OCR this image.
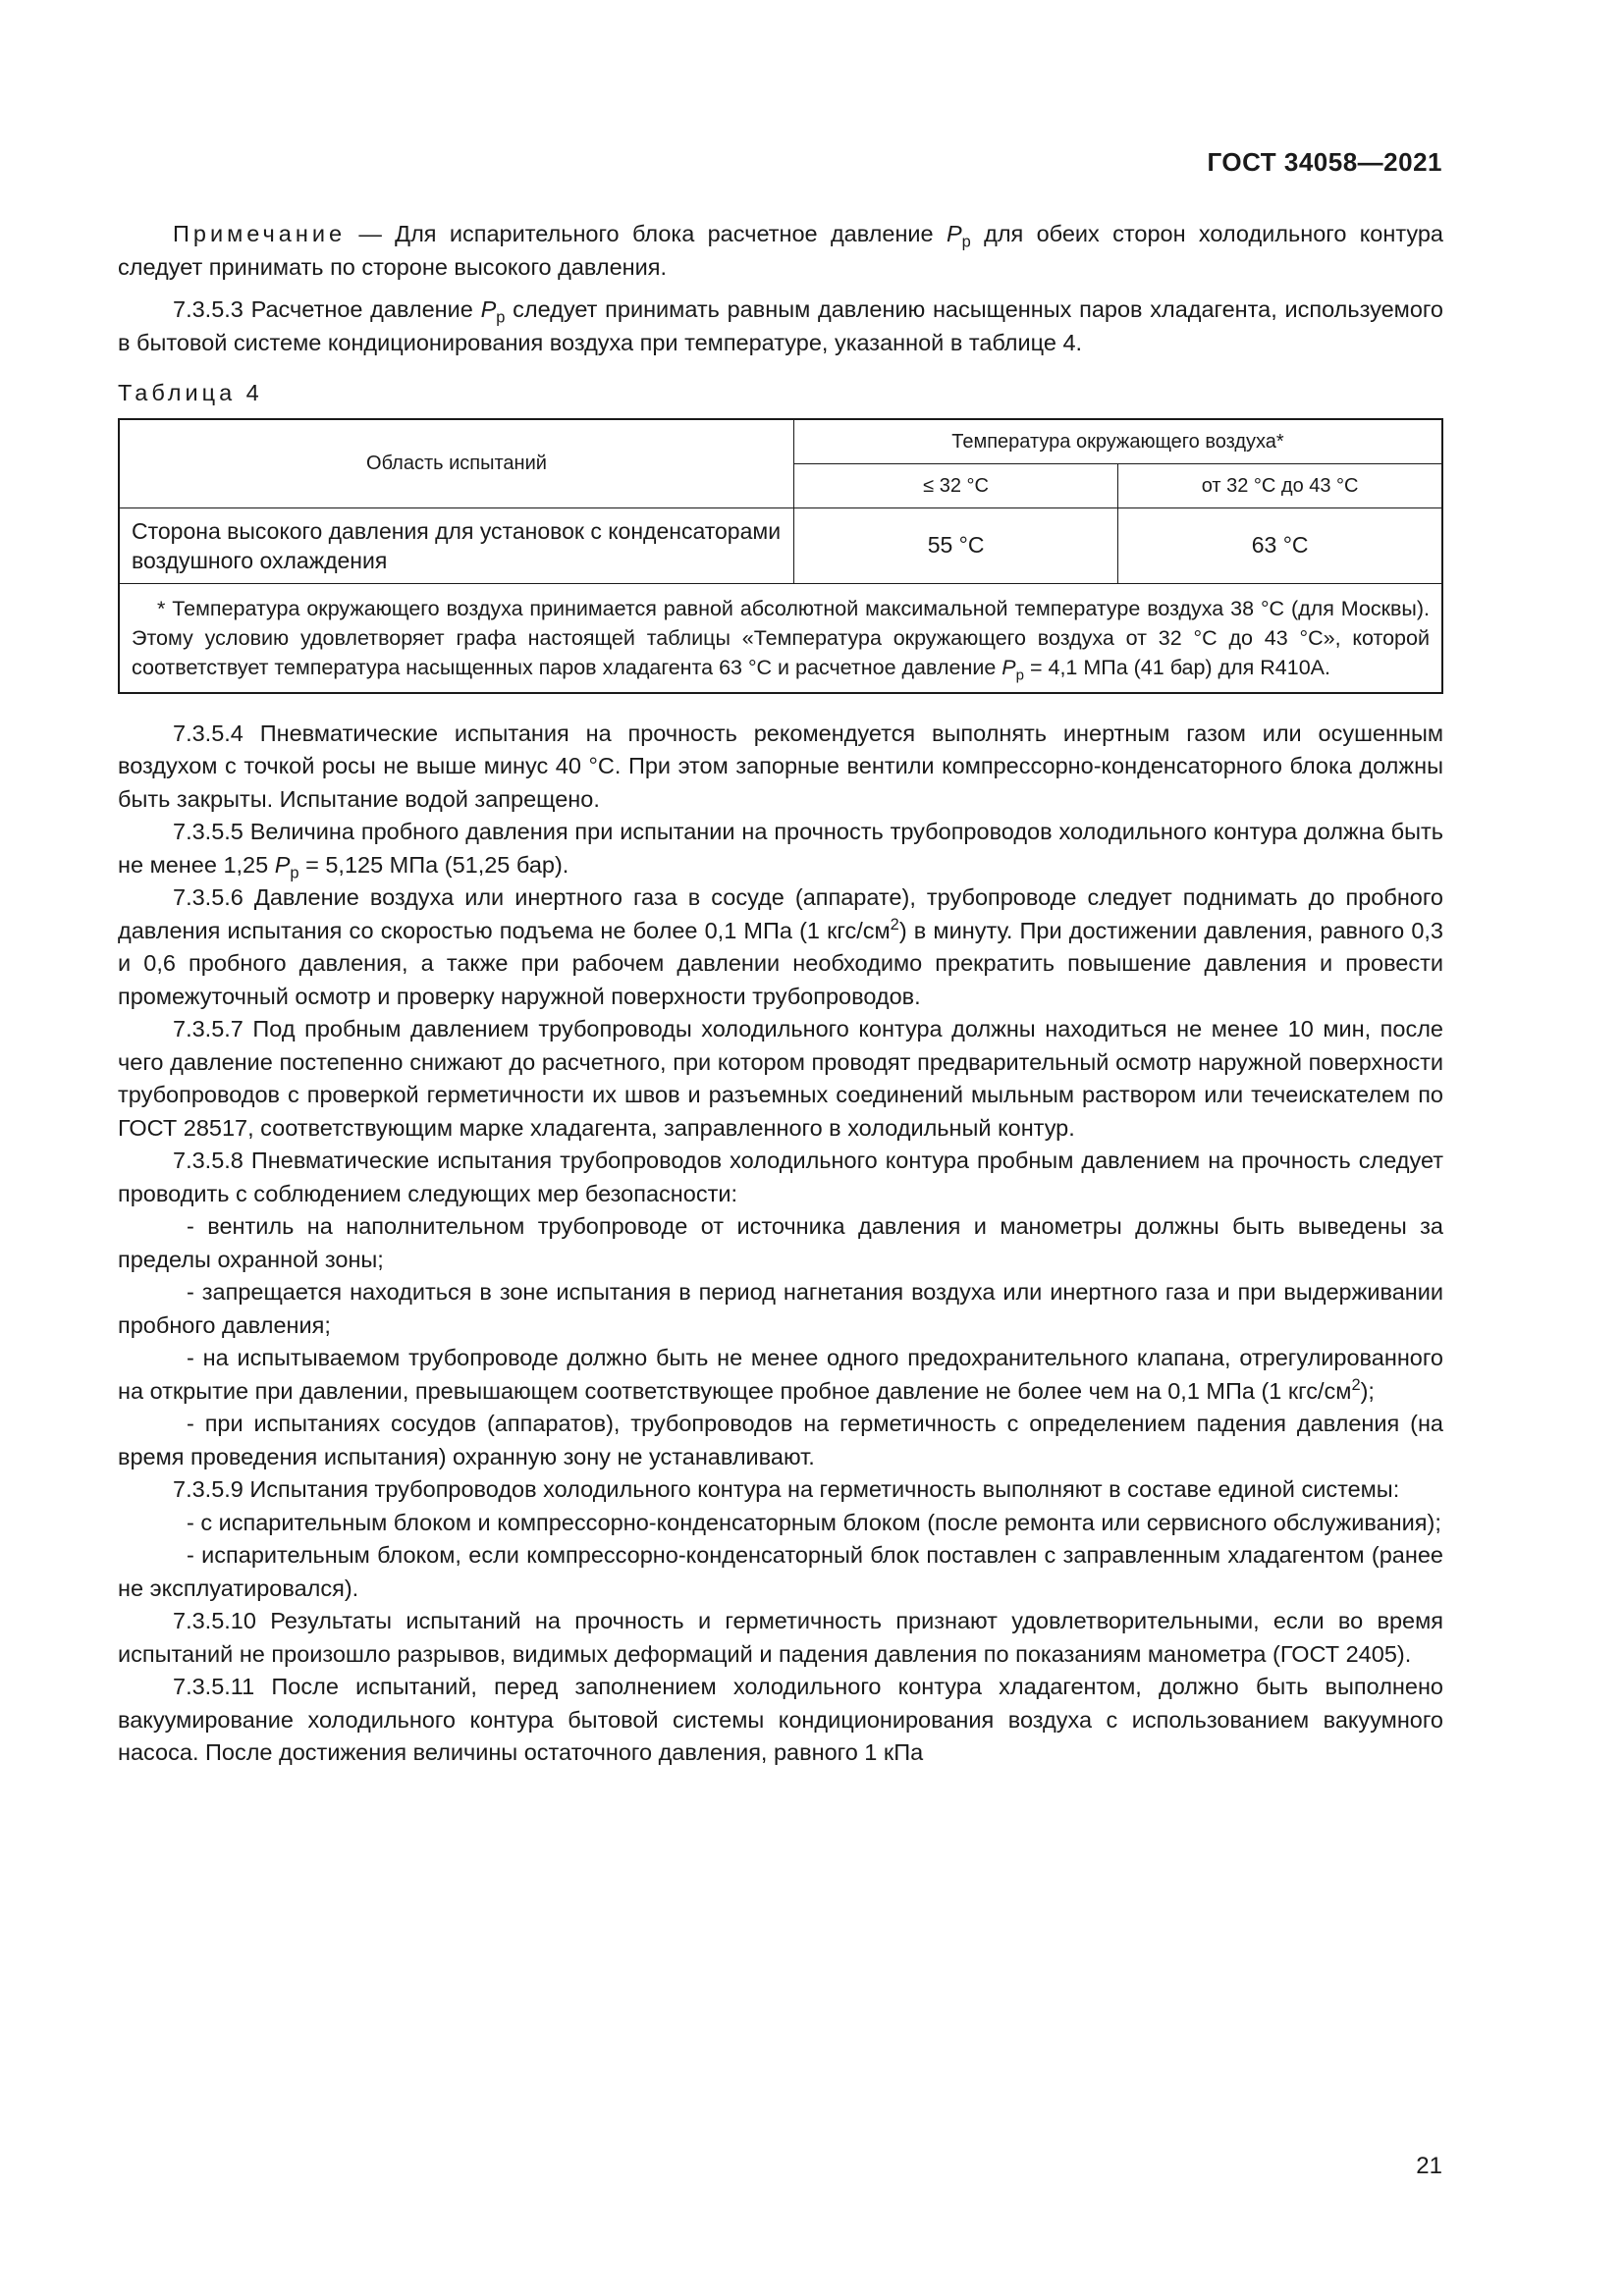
ГОСТ 34058—2021

Примечание — Для испарительного блока расчетное давление $P_р$ для обеих сторон холодильного контура следует принимать по стороне высокого давления.

7.3.5.3 Расчетное давление $P_р$ следует принимать равным давлению насыщенных паров хладагента, используемого в бытовой системе кондиционирования воздуха при температуре, указанной в таблице 4.

Таблица 4
Область испытаний	Температура окружающего воздуха*	
	≤ 32 °C	от 32 °C до 43 °C
Сторона высокого давления для установок с конденсаторами воздушного охлаждения	55 °C	63 °C

* Температура окружающего воздуха принимается равной абсолютной максимальной температуре воздуха 38 °C (для Москвы). Этому условию удовлетворяет графа настоящей таблицы «Температура окружающего воздуха от 32 °C до 43 °C», которой соответствует температура насыщенных паров хладагента 63 °C и расчетное давление $P_р = 4,1$ МПа (41 бар) для R410A.		

7.3.5.4 Пневматические испытания на прочность рекомендуется выполнять инертным газом или осушенным воздухом с точкой росы не выше минус 40 °C. При этом запорные вентили компрессорно-конденсаторного блока должны быть закрыты. Испытание водой запрещено.

7.3.5.5 Величина пробного давления при испытании на прочность трубопроводов холодильного контура должна быть не менее 1,25 $P_р = 5,125$ МПа (51,25 бар).

7.3.5.6 Давление воздуха или инертного газа в сосуде (аппарате), трубопроводе следует поднимать до пробного давления испытания со скоростью подъема не более 0,1 МПа (1 кгс/$см^2$) в минуту. При достижении давления, равного 0,3 и 0,6 пробного давления, а также при рабочем давлении необходимо прекратить повышение давления и провести промежуточный осмотр и проверку наружной поверхности трубопроводов.

7.3.5.7 Под пробным давлением трубопроводы холодильного контура должны находиться не менее 10 мин, после чего давление постепенно снижают до расчетного, при котором проводят предварительный осмотр наружной поверхности трубопроводов с проверкой герметичности их швов и разъемных соединений мыльным раствором или течеискателем по ГОСТ 28517, соответствующим марке хладагента, заправленного в холодильный контур.

7.3.5.8 Пневматические испытания трубопроводов холодильного контура пробным давлением на прочность следует проводить с соблюдением следующих мер безопасности:

- вентиль на наполнительном трубопроводе от источника давления и манометры должны быть выведены за пределы охранной зоны;

- запрещается находиться в зоне испытания в период нагнетания воздуха или инертного газа и при выдерживании пробного давления;

- на испытываемом трубопроводе должно быть не менее одного предохранительного клапана, отрегулированного на открытие при давлении, превышающем соответствующее пробное давление не более чем на 0,1 МПа (1 кгс/$см^2$);

- при испытаниях сосудов (аппаратов), трубопроводов на герметичность с определением падения давления (на время проведения испытания) охранную зону не устанавливают.

7.3.5.9 Испытания трубопроводов холодильного контура на герметичность выполняют в составе единой системы:

- с испарительным блоком и компрессорно-конденсаторным блоком (после ремонта или сервисного обслуживания);

- испарительным блоком, если компрессорно-конденсаторный блок поставлен с заправленным хладагентом (ранее не эксплуатировался).

7.3.5.10 Результаты испытаний на прочность и герметичность признают удовлетворительными, если во время испытаний не произошло разрывов, видимых деформаций и падения давления по показаниям манометра (ГОСТ 2405).

7.3.5.11 После испытаний, перед заполнением холодильного контура хладагентом, должно быть выполнено вакуумирование холодильного контура бытовой системы кондиционирования воздуха с использованием вакуумного насоса. После достижения величины остаточного давления, равного 1 кПа

21
